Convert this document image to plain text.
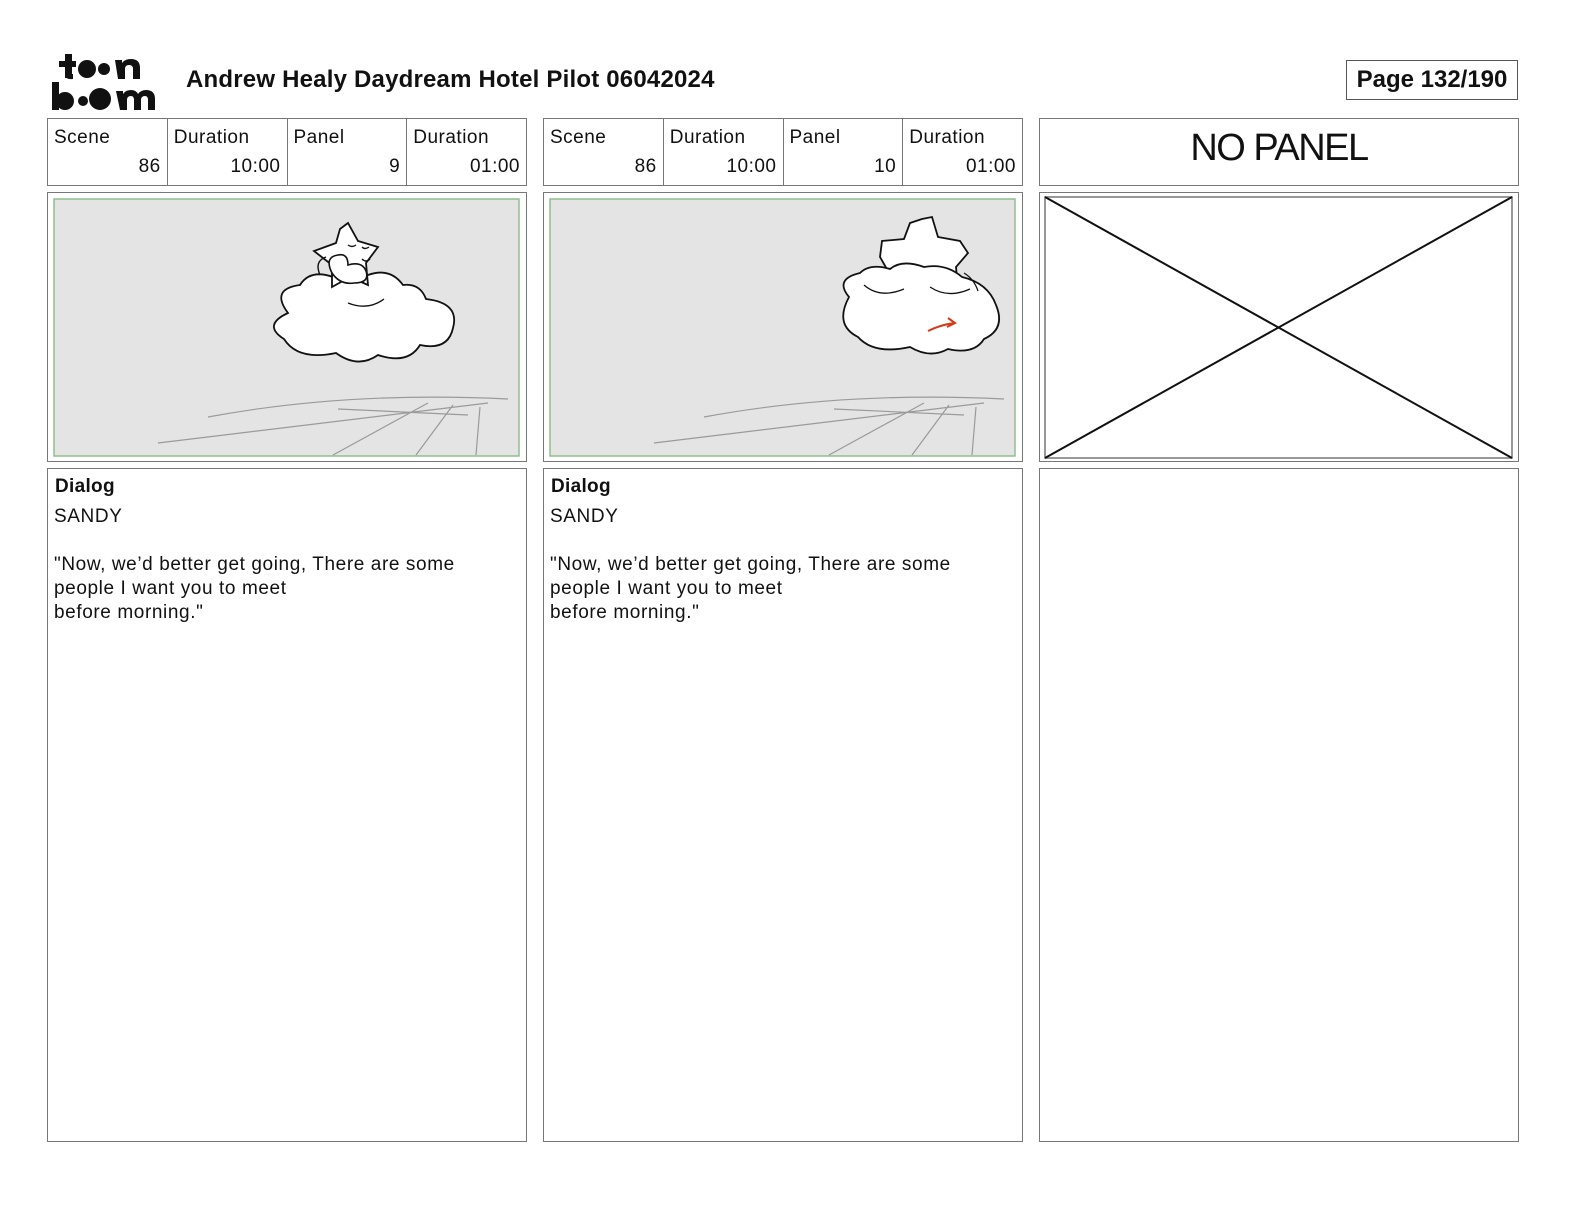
Andrew Healy Daydream Hotel Pilot 06042024	Page 132/190
Scene
86
Duration
10:00
Panel
9
Duration
01:00
Dialog
SANDY
"Now, we’d better get going, There are some
people I want you to meet
before morning."
Scene
86
Duration
10:00
Panel
10
Duration
01:00
Dialog
SANDY
"Now, we’d better get going, There are some
people I want you to meet
before morning."
NO PANEL
